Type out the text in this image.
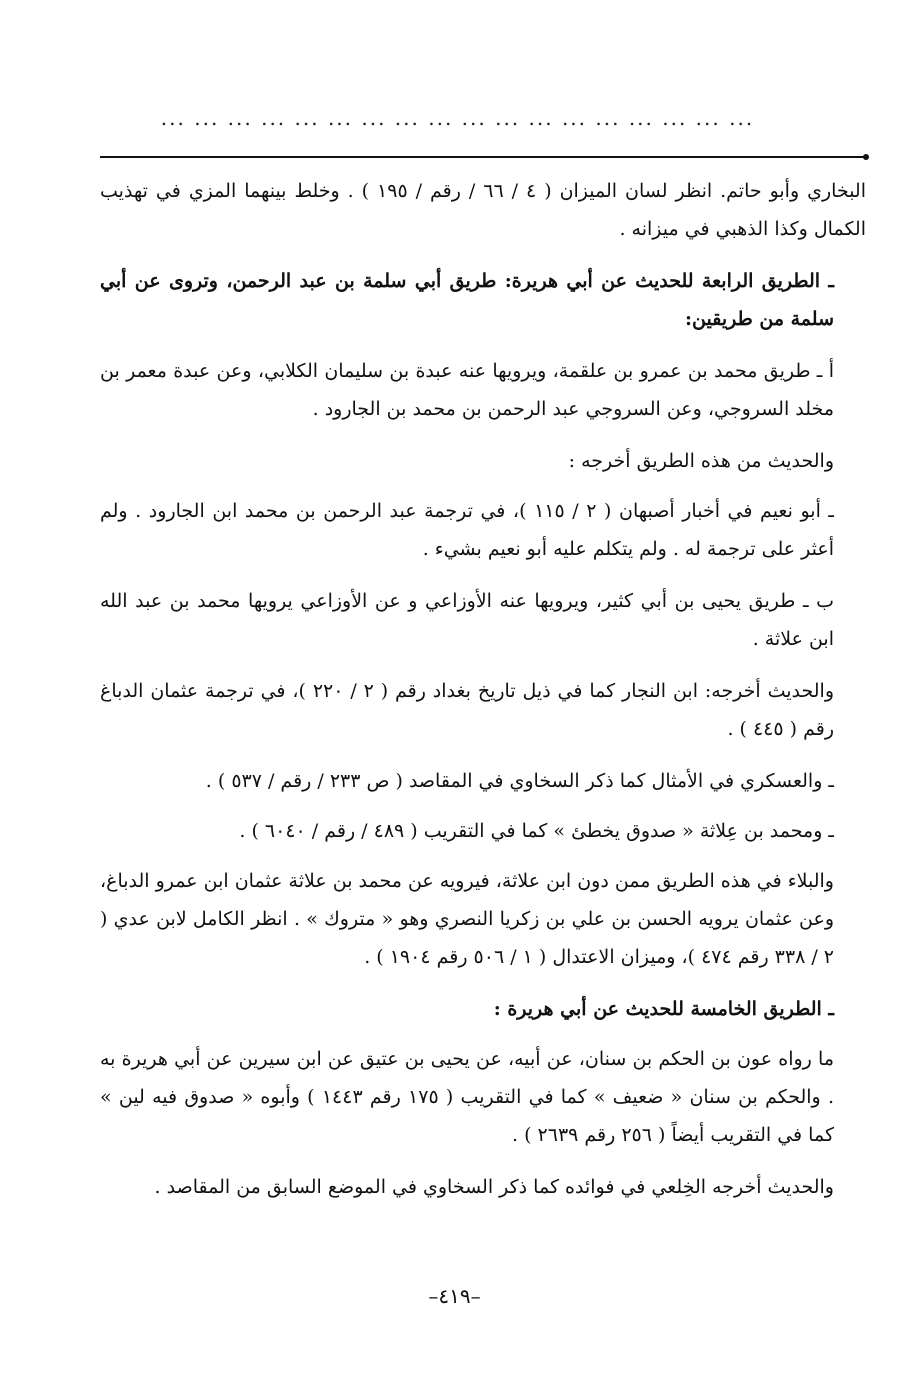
... ... ... ... ... ... ... ... ... ... ... ... ... ... ... ... ... ...

البخاري وأبو حاتم. انظر لسان الميزان ( ٤ / ٦٦ / رقم / ١٩٥ ) . وخلط بينهما المزي في تهذيب الكمال وكذا الذهبي في ميزانه .

ـ الطريق الرابعة للحديث عن أبي هريرة: طريق أبي سلمة بن عبد الرحمن، وتروى عن أبي سلمة من طريقين:

أ ـ طريق محمد بن عمرو بن علقمة، ويرويها عنه عبدة بن سليمان الكلابي، وعن عبدة معمر بن مخلد السروجي، وعن السروجي عبد الرحمن بن محمد بن الجارود .

والحديث من هذه الطريق أخرجه :

ـ أبو نعيم في أخبار أصبهان ( ٢ / ١١٥ )، في ترجمة عبد الرحمن بن محمد ابن الجارود . ولم أعثر على ترجمة له . ولم يتكلم عليه أبو نعيم بشيء .

ب ـ طريق يحيى بن أبي كثير، ويرويها عنه الأوزاعي و عن الأوزاعي يرويها محمد بن عبد الله ابن علاثة .

والحديث أخرجه: ابن النجار كما في ذيل تاريخ بغداد رقم ( ٢ / ٢٢٠ )، في ترجمة عثمان الدباغ رقم ( ٤٤٥ ) .

ـ والعسكري في الأمثال كما ذكر السخاوي في المقاصد ( ص ٢٣٣ / رقم / ٥٣٧ ) .

ـ ومحمد بن عِلاثة « صدوق يخطئ » كما في التقريب ( ٤٨٩ / رقم / ٦٠٤٠ ) .

والبلاء في هذه الطريق ممن دون ابن علاثة، فيرويه عن محمد بن علاثة عثمان ابن عمرو الدباغ، وعن عثمان يرويه الحسن بن علي بن زكريا النصري وهو « متروك » . انظر الكامل لابن عدي ( ٢ / ٣٣٨ رقم ٤٧٤ )، وميزان الاعتدال ( ١ / ٥٠٦ رقم ١٩٠٤ ) .

ـ الطريق الخامسة للحديث عن أبي هريرة :

ما رواه عون بن الحكم بن سنان، عن أبيه، عن يحيى بن عتيق عن ابن سيرين عن أبي هريرة به . والحكم بن سنان « ضعيف » كما في التقريب ( ١٧٥ رقم ١٤٤٣ ) وأبوه « صدوق فيه لين » كما في التقريب أيضاً ( ٢٥٦ رقم ٢٦٣٩ ) .

والحديث أخرجه الخِلعي في فوائده كما ذكر السخاوي في الموضع السابق من المقاصد .

–٤١٩–
